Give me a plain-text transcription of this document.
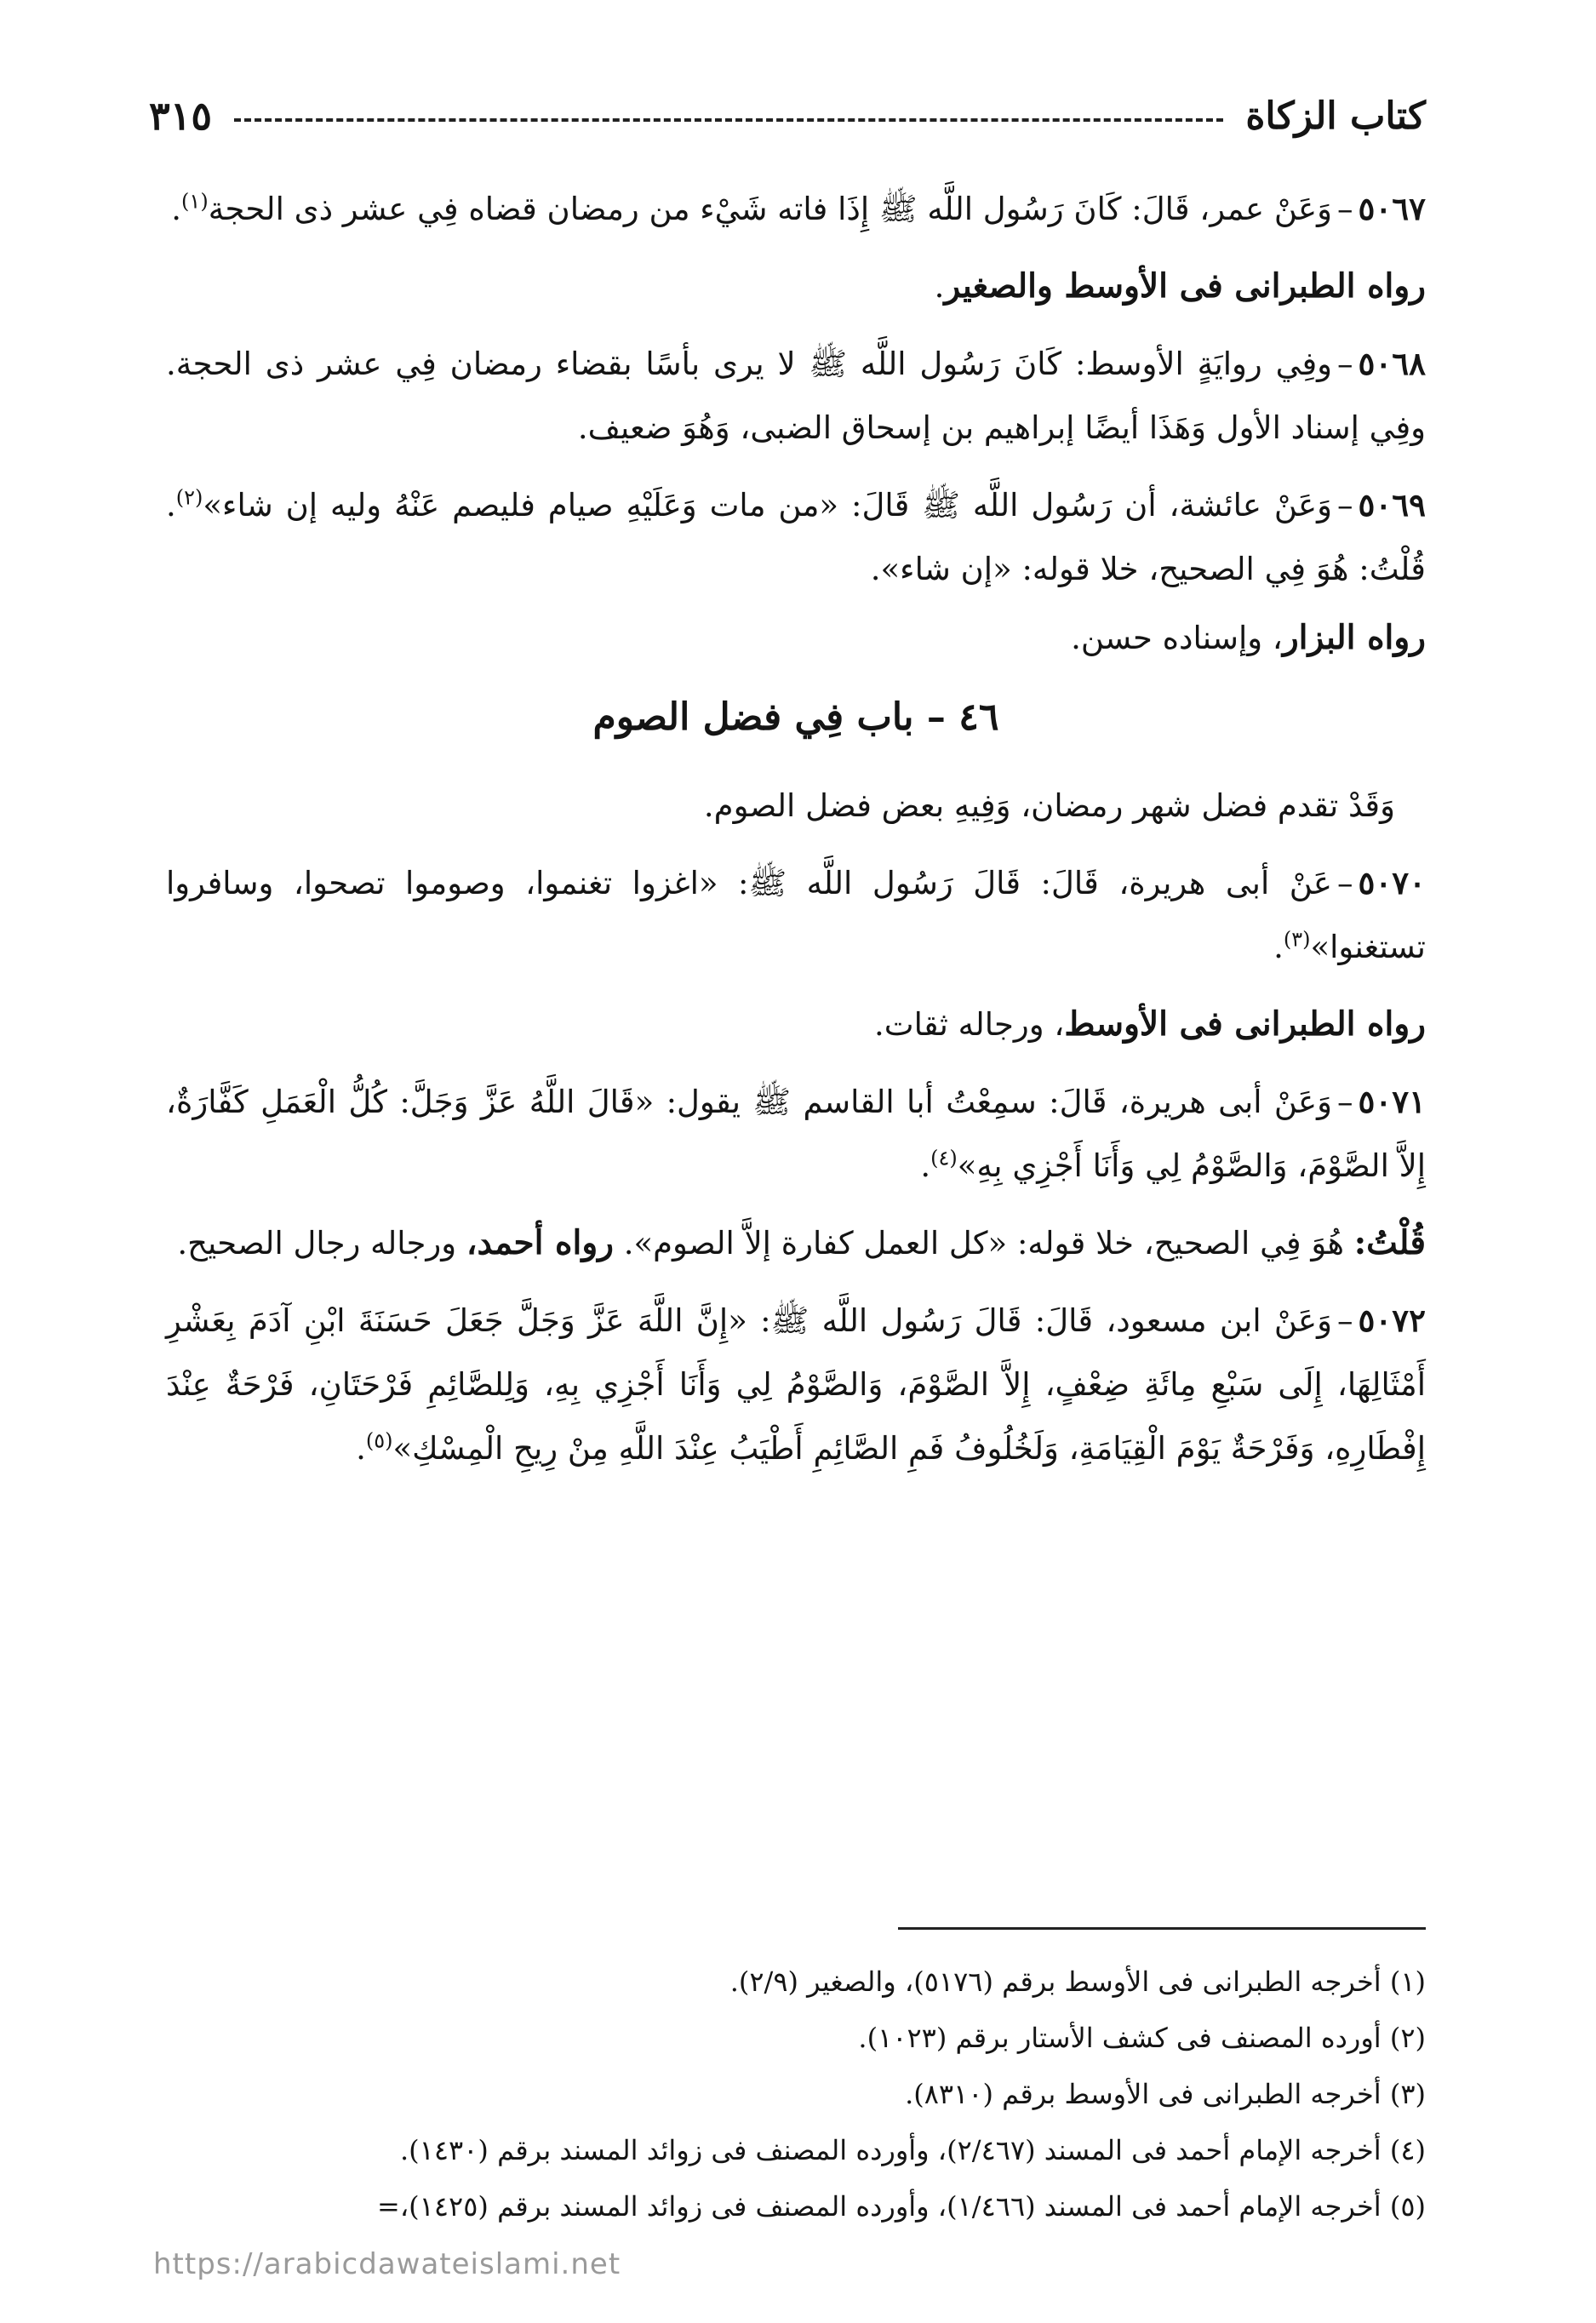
كتاب الزكاة
٣١٥

٥٠٦٧–وَعَنْ عمر، قَالَ: كَانَ رَسُول اللَّه ﷺ إِذَا فاته شَيْء من رمضان قضاه فِي عشر ذى الحجة$^{(١)}$.

رواه الطبرانى فى الأوسط والصغير.

٥٠٦٨–وفِي روايَةٍ الأوسط: كَانَ رَسُول اللَّه ﷺ لا يرى بأسًا بقضاء رمضان فِي عشر ذى الحجة. وفِي إسناد الأول وَهَذَا أيضًا إبراهيم بن إسحاق الضبى، وَهُوَ ضعيف.

٥٠٦٩–وَعَنْ عائشة، أن رَسُول اللَّه ﷺ قَالَ: «من مات وَعَلَيْهِ صيام فليصم عَنْهُ وليه إن شاء»$^{(٢)}$. قُلْتُ: هُوَ فِي الصحيح، خلا قوله: «إن شاء».

رواه البزار، وإسناده حسن.

٤٦ – باب فِي فضل الصوم

وَقَدْ تقدم فضل شهر رمضان، وَفِيهِ بعض فضل الصوم.

٥٠٧٠–عَنْ أبى هريرة، قَالَ: قَالَ رَسُول اللَّه ﷺ: «اغزوا تغنموا، وصوموا تصحوا، وسافروا تستغنوا»$^{(٣)}$.

رواه الطبرانى فى الأوسط، ورجاله ثقات.

٥٠٧١–وَعَنْ أبى هريرة، قَالَ: سمِعْتُ أبا القاسم ﷺ يقول: «قَالَ اللَّهُ عَزَّ وَجَلَّ: كُلُّ الْعَمَلِ كَفَّارَةٌ، إِلاَّ الصَّوْمَ، وَالصَّوْمُ لِي وَأَنَا أَجْزِي بِهِ»$^{(٤)}$.

قُلْتُ: هُوَ فِي الصحيح، خلا قوله: «كل العمل كفارة إلاَّ الصوم». رواه أحمد، ورجاله رجال الصحيح.

٥٠٧٢–وَعَنْ ابن مسعود، قَالَ: قَالَ رَسُول اللَّه ﷺ: «إِنَّ اللَّهَ عَزَّ وَجَلَّ جَعَلَ حَسَنَةَ ابْنِ آدَمَ بِعَشْرِ أَمْثَالِهَا، إِلَى سَبْعِ مِائَةِ ضِعْفٍ، إِلاَّ الصَّوْمَ، وَالصَّوْمُ لِي وَأَنَا أَجْزِي بِهِ، وَلِلصَّائِمِ فَرْحَتَانِ، فَرْحَةٌ عِنْدَ إِفْطَارِهِ، وَفَرْحَةٌ يَوْمَ الْقِيَامَةِ، وَلَخُلُوفُ فَمِ الصَّائِمِ أَطْيَبُ عِنْدَ اللَّهِ مِنْ رِيحِ الْمِسْكِ»$^{(٥)}$.

(١) أخرجه الطبرانى فى الأوسط برقم (٥١٧٦)، والصغير (٢/٩).

(٢) أورده المصنف فى كشف الأستار برقم (١٠٢٣).

(٣) أخرجه الطبرانى فى الأوسط برقم (٨٣١٠).

(٤) أخرجه الإمام أحمد فى المسند (٢/٤٦٧)، وأورده المصنف فى زوائد المسند برقم (١٤٣٠).

(٥) أخرجه الإمام أحمد فى المسند (١/٤٦٦)، وأورده المصنف فى زوائد المسند برقم (١٤٢٥)،=

https://arabicdawateislami.net
